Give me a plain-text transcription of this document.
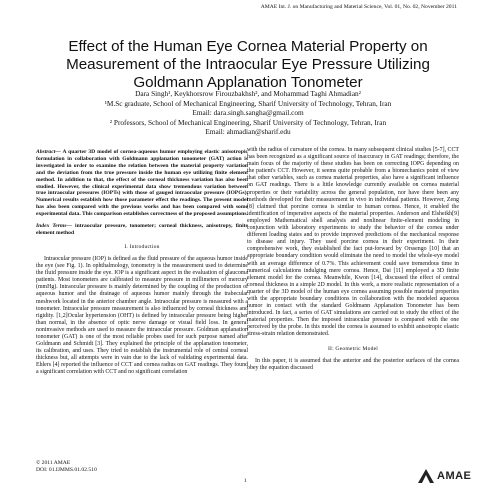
AMAE Int. J. on Manufacturing and Material Science, Vol. 01, No. 02, November 2011
Effect of the Human Eye Cornea Material Property on Measurement of the Intraocular Eye Pressure Utilizing Goldmann Applanation Tonometer
Dara Singh¹, Keykhorsrow Firouzbakhsh², and Mohammad Taghi Ahmadian²
¹M.Sc graduate, School of Mechanical Engineering, Sharif University of Technology, Tehran, Iran
Email: dara.singh.sangha@gmail.com
² Professors, School of Mechanical Engineering, Sharif University of Technology, Tehran, Iran
Email: ahmadian@sharif.edu
Abstract— A quarter 3D model of cornea-aqueous humor employing elastic anisotropic formulation in collaboration with Goldmann applanation tonometer (GAT) action is investigated in order to examine the relation between the material property variation and the deviation from the true pressure inside the human eye utilizing finite element method. In addition to that, the effect of the corneal thickness variation has also been studied. However, the clinical experimental data show tremendous variation between true intraocular pressures (IOPTs) with those of gauged intraocular pressure (IOPGs). Numerical results establish how those parameter effect the readings. The present model has also been compared with the previous works and has been compared with some experimental data. This comparison establishes correctness of the proposed assumptions.
Index Terms— intraocular pressure, tonometer; corneal thickness, anisotropy, finite element method
I. Introduction

Intraocular pressure (IOP) is defined as the fluid pressure of the aqueous humor inside the eye (see Fig. 1). In ophthalmology, tonometry is the measurement used to determine the fluid pressure inside the eye. IOP is a significant aspect in the evaluation of glaucoma patients. Most tonometers are calibrated to measure pressure in millimeters of mercury (mmHg). Intraocular pressure is mainly determined by the coupling of the production of aqueous humor and the drainage of aqueous humor mainly through the trabecular meshwork located in the anterior chamber angle. Intraocular pressure is measured with a tonometer. Intraocular pressure measurement is also influenced by corneal thickness and rigidity. [1,2]Ocular hypertension (OHT) is defined by intraocular pressure being higher than normal, in the absence of optic nerve damage or visual field loss. In general noninvasive methods are used to measure the intraocular pressure. Goldman applanation tonometer (GAT) is one of the most reliable probes used for such purpose named after Goldmann and Schmidt [3]. They explained the principle of the applanation tonometer, its calibration, and uses. They tried to establish the instrumental role of central corneal thickness but, all attempts were in vain due to the lack of validating experimental data. Ehlers [4] reported the influence of CCT and cornea radius on GAT readings. They found a significant correlation with CCT and no significant correlation

with the radius of curvature of the cornea. In many subsequent clinical studies [5-7], CCT has been recognized as a significant source of inaccuracy in GAT readings; therefore, the main focus of the majority of these studies has been on correcting IOPG depending on the patient's CCT. However, it seems quite probable from a biomechanics point of view that other variables, such as cornea material properties, also have a significant influence on GAT readings. There is a little knowledge currently available on cornea material properties or their variability across the general population, nor have there been any methods developed for their measurement in vivo in individual patients. However, Zeng [8] claimed that porcine cornea is similar to human cornea. Hence, it enabled the identification of imperative aspects of the material properties. Anderson and Elsheikh[9] employed Mathematical shell analysis and nonlinear finite-element modeling in conjunction with laboratory experiments to study the behavior of the cornea under different loading states and to provide improved predictions of the mechanical response to disease and injury. They used porcine cornea in their experiment. In their comprehensive work, they established the fact put-forward by Orssengo [10] that an appropriate boundary condition would eliminate the need to model the whole-eye model with an average difference of 0.7%. This achievement could save tremendous time in numerical calculations indulging mere cornea. Hence, Dai [11] employed a 3D finite element model for the cornea. Meanwhile, Kwon [14], discussed the effect of central corneal thickness in a simple 2D model. In this work, a more realistic representation of a quarter of the 3D model of the human eye cornea assuming possible material properties with the appropriate boundary conditions in collaboration with the modeled aqueous humor in contact with the standard Goldmann Applanation Tonometer has been introduced. In fact, a series of GAT simulations are carried out to study the effect of the material properties. Then the imposed intraocular pressure is compared with the one perceived by the probe. In this model the cornea is assumed to exhibit anisotropic elastic stress-strain relation demonstrated.

II: Geometric Model

In this paper, it is assumed that the anterior and the posterior surfaces of the cornea obey the equation discussed

© 2011 AMAE
DOI: 01.IJMMS.01.02.510
1	AMAE
